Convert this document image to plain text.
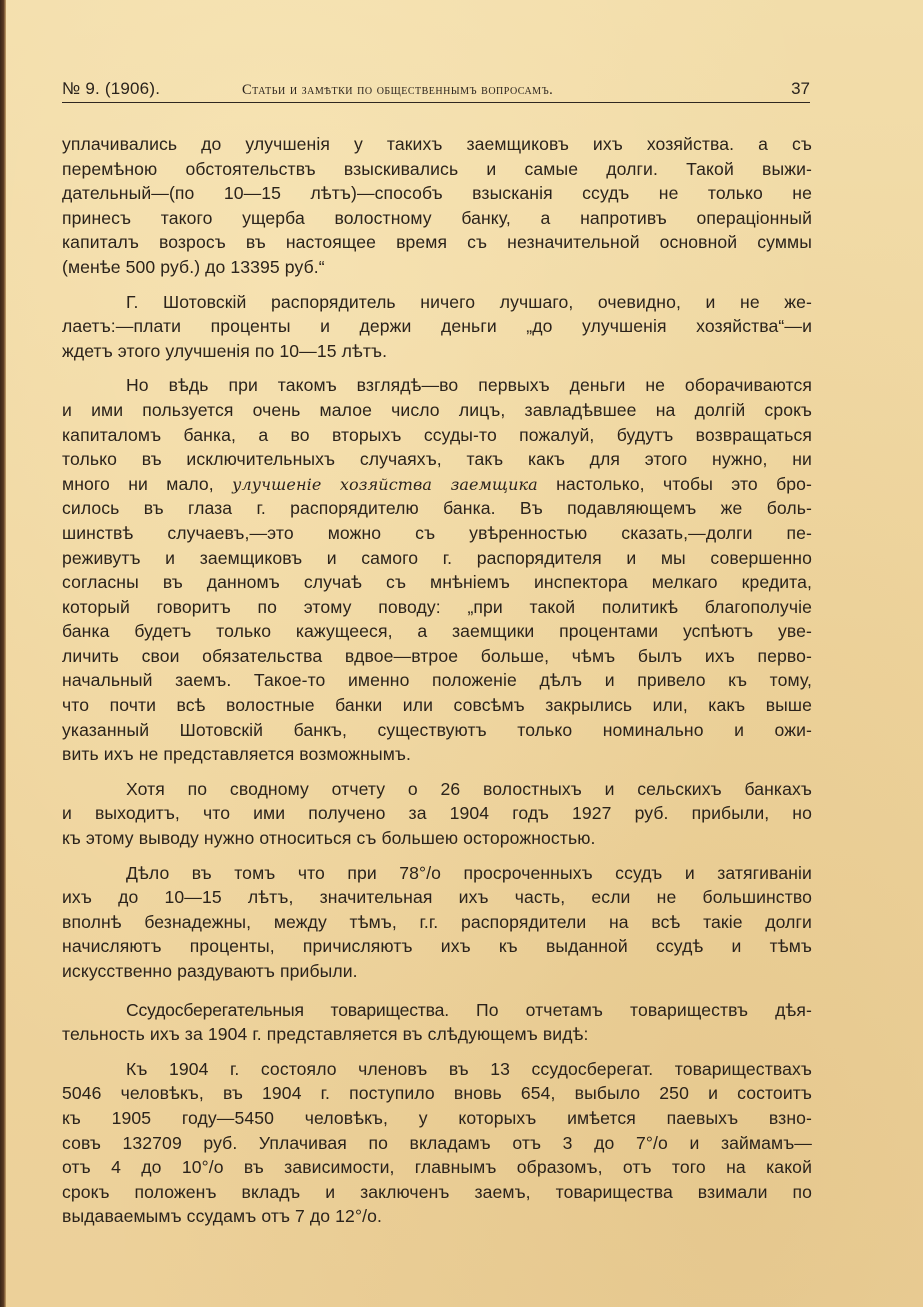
№ 9. (1906).	Статьи и замѣтки по общественнымъ вопросамъ.	37
уплачивались до улучшенія у такихъ заемщиковъ ихъ хозяйства. а съ
перемѣною обстоятельствъ взыскивались и самые долги. Такой выжи-
дательный—(по 10—15 лѣтъ)—способъ взысканія ссудъ не только не
принесъ такого ущерба волостному банку, а напротивъ операціонный
капиталъ возросъ въ настоящее время съ незначительной основной суммы
(менѣе 500 руб.) до 13395 руб.“
Г. Шотовскій распорядитель ничего лучшаго, очевидно, и не же-
лаетъ:—плати проценты и держи деньги „до улучшенія хозяйства“—и
ждетъ этого улучшенія по 10—15 лѣтъ.
Но вѣдь при такомъ взглядѣ—во первыхъ деньги не оборачиваются
и ими пользуется очень малое число лицъ, завладѣвшее на долгій срокъ
капиталомъ банка, а во вторыхъ ссуды-то пожалуй, будутъ возвращаться
только въ исключительныхъ случаяхъ, такъ какъ для этого нужно, ни
много ни мало, улучшеніе хозяйства заемщика настолько, чтобы это бро-
силось въ глаза г. распорядителю банка. Въ подавляющемъ же боль-
шинствѣ случаевъ,—это можно съ увѣренностью сказать,—долги пе-
реживутъ и заемщиковъ и самого г. распорядителя и мы совершенно
согласны въ данномъ случаѣ съ мнѣніемъ инспектора мелкаго кредита,
который говоритъ по этому поводу: „при такой политикѣ благополучіе
банка будетъ только кажущееся, а заемщики процентами успѣютъ уве-
личить свои обязательства вдвое—втрое больше, чѣмъ былъ ихъ перво-
начальный заемъ. Такое-то именно положеніе дѣлъ и привело къ тому,
что почти всѣ волостные банки или совсѣмъ закрылись или, какъ выше
указанный Шотовскій банкъ, существуютъ только номинально и ожи-
вить ихъ не представляется возможнымъ.
Хотя по сводному отчету о 26 волостныхъ и сельскихъ банкахъ
и выходитъ, что ими получено за 1904 годъ 1927 руб. прибыли, но
къ этому выводу нужно относиться съ большею осторожностью.
Дѣло въ томъ что при 78°/o просроченныхъ ссудъ и затягиваніи
ихъ до 10—15 лѣтъ, значительная ихъ часть, если не большинство
вполнѣ безнадежны, между тѣмъ, г.г. распорядители на всѣ такіе долги
начисляютъ проценты, причисляютъ ихъ къ выданной ссудѣ и тѣмъ
искусственно раздуваютъ прибыли.
Ссудосберегательныя товарищества. По отчетамъ товариществъ дѣя-
тельность ихъ за 1904 г. представляется въ слѣдующемъ видѣ:
Къ 1904 г. состояло членовъ въ 13 ссудосберегат. товариществахъ
5046 человѣкъ, въ 1904 г. поступило вновь 654, выбыло 250 и состоитъ
къ 1905 году—5450 человѣкъ, у которыхъ имѣется паевыхъ взно-
совъ 132709 руб. Уплачивая по вкладамъ отъ 3 до 7°/o и займамъ—
отъ 4 до 10°/o въ зависимости, главнымъ образомъ, отъ того на какой
срокъ положенъ вкладъ и заключенъ заемъ, товарищества взимали по
выдаваемымъ ссудамъ отъ 7 до 12°/o.
